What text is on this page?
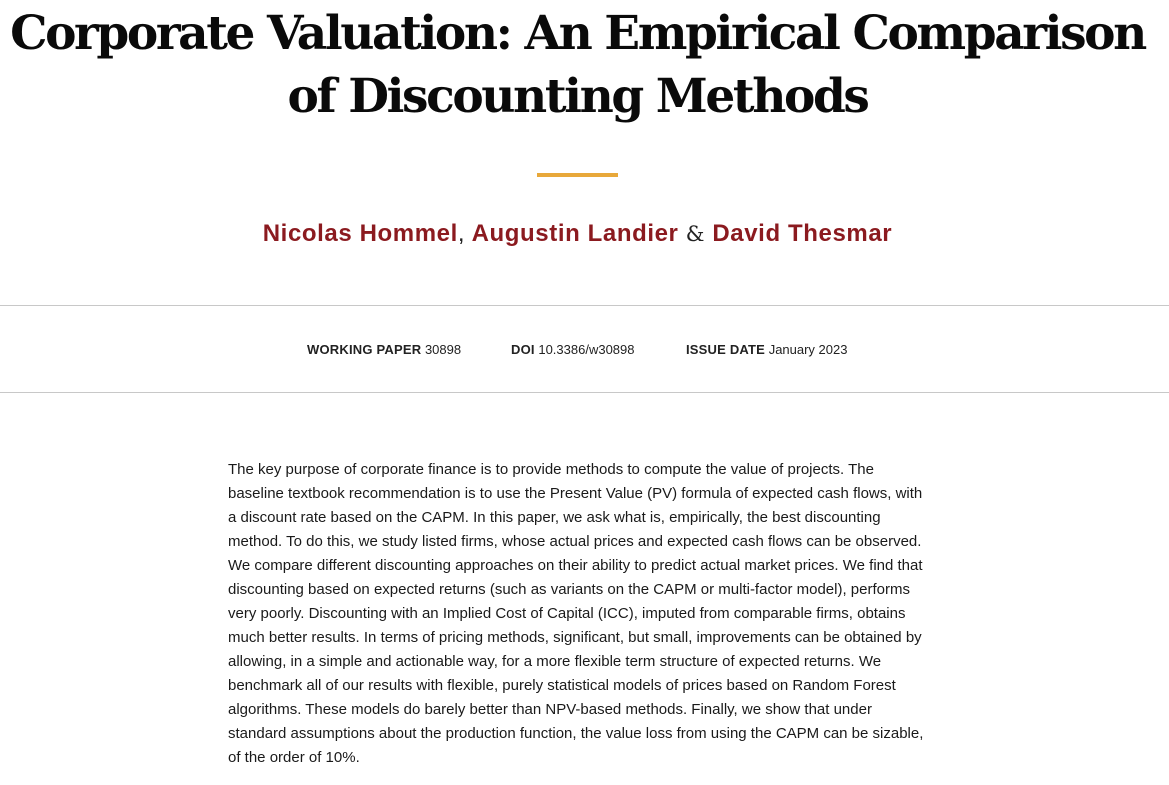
Corporate Valuation: An Empirical Comparison
of Discounting Methods
Nicolas Hommel, Augustin Landier & David Thesmar
WORKING PAPER 30898	DOI 10.3386/w30898	ISSUE DATE January 2023

The key purpose of corporate finance is to provide methods to compute the value of projects. The baseline textbook recommendation is to use the Present Value (PV) formula of expected cash flows, with a discount rate based on the CAPM. In this paper, we ask what is, empirically, the best discounting method. To do this, we study listed firms, whose actual prices and expected cash flows can be observed. We compare different discounting approaches on their ability to predict actual market prices. We find that discounting based on expected returns (such as variants on the CAPM or multi-factor model), performs very poorly. Discounting with an Implied Cost of Capital (ICC), imputed from comparable firms, obtains much better results. In terms of pricing methods, significant, but small, improvements can be obtained by allowing, in a simple and actionable way, for a more flexible term structure of expected returns. We benchmark all of our results with flexible, purely statistical models of prices based on Random Forest algorithms. These models do barely better than NPV-based methods. Finally, we show that under standard assumptions about the production function, the value loss from using the CAPM can be sizable, of the order of 10%.
